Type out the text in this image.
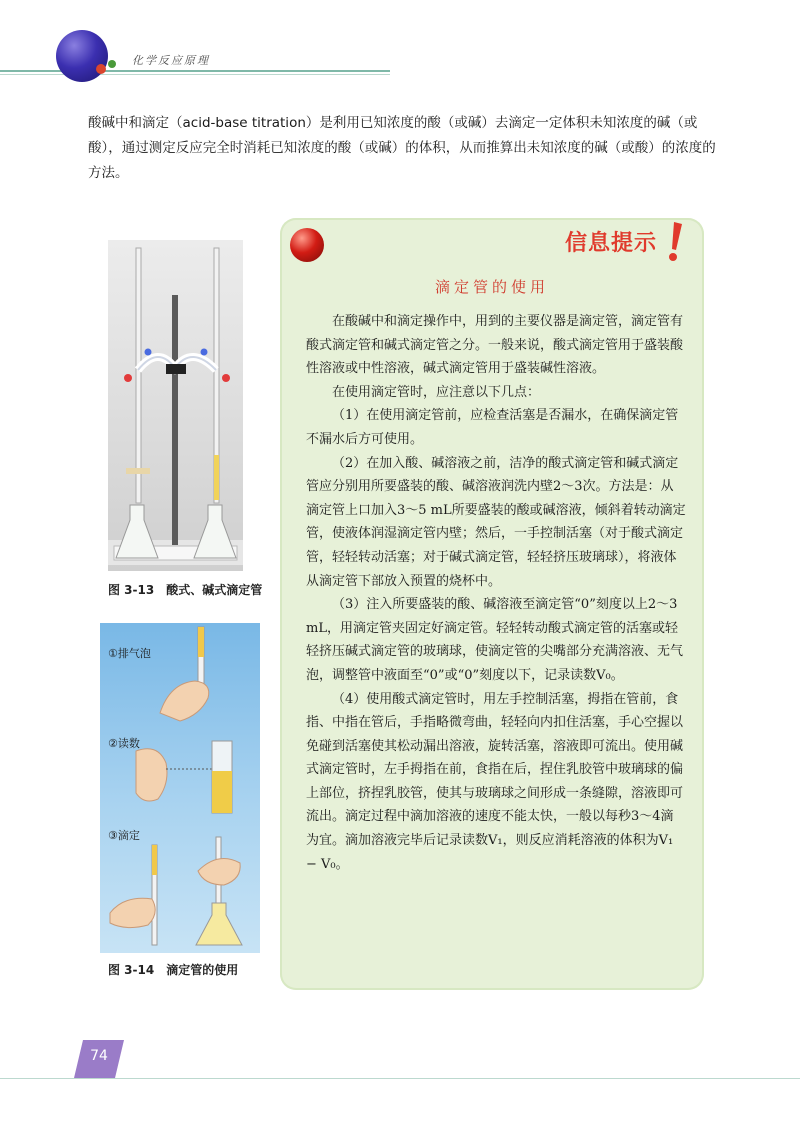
化学反应原理
酸碱中和滴定（acid-base titration）是利用已知浓度的酸（或碱）去滴定一定体积未知浓度的碱（或酸），通过测定反应完全时消耗已知浓度的酸（或碱）的体积，从而推算出未知浓度的碱（或酸）的浓度的方法。
图 3-13　酸式、碱式滴定管
①排气泡
②读数
③滴定
图 3-14　滴定管的使用
信息提示
滴定管的使用

在酸碱中和滴定操作中，用到的主要仪器是滴定管，滴定管有酸式滴定管和碱式滴定管之分。一般来说，酸式滴定管用于盛装酸性溶液或中性溶液，碱式滴定管用于盛装碱性溶液。

在使用滴定管时，应注意以下几点：

（1）在使用滴定管前，应检查活塞是否漏水，在确保滴定管不漏水后方可使用。

（2）在加入酸、碱溶液之前，洁净的酸式滴定管和碱式滴定管应分别用所要盛装的酸、碱溶液润洗内壁2～3次。方法是：从滴定管上口加入3～5 mL所要盛装的酸或碱溶液，倾斜着转动滴定管，使液体润湿滴定管内壁；然后，一手控制活塞（对于酸式滴定管，轻轻转动活塞；对于碱式滴定管，轻轻挤压玻璃球），将液体从滴定管下部放入预置的烧杯中。

（3）注入所要盛装的酸、碱溶液至滴定管“0”刻度以上2～3 mL，用滴定管夹固定好滴定管。轻轻转动酸式滴定管的活塞或轻轻挤压碱式滴定管的玻璃球，使滴定管的尖嘴部分充满溶液、无气泡，调整管中液面至“0”或“0”刻度以下，记录读数V₀。

（4）使用酸式滴定管时，用左手控制活塞，拇指在管前，食指、中指在管后，手指略微弯曲，轻轻向内扣住活塞，手心空握以免碰到活塞使其松动漏出溶液，旋转活塞，溶液即可流出。使用碱式滴定管时，左手拇指在前，食指在后，捏住乳胶管中玻璃球的偏上部位，挤捏乳胶管，使其与玻璃球之间形成一条缝隙，溶液即可流出。滴定过程中滴加溶液的速度不能太快，一般以每秒3～4滴为宜。滴加溶液完毕后记录读数V₁，则反应消耗溶液的体积为V₁ − V₀。

74
